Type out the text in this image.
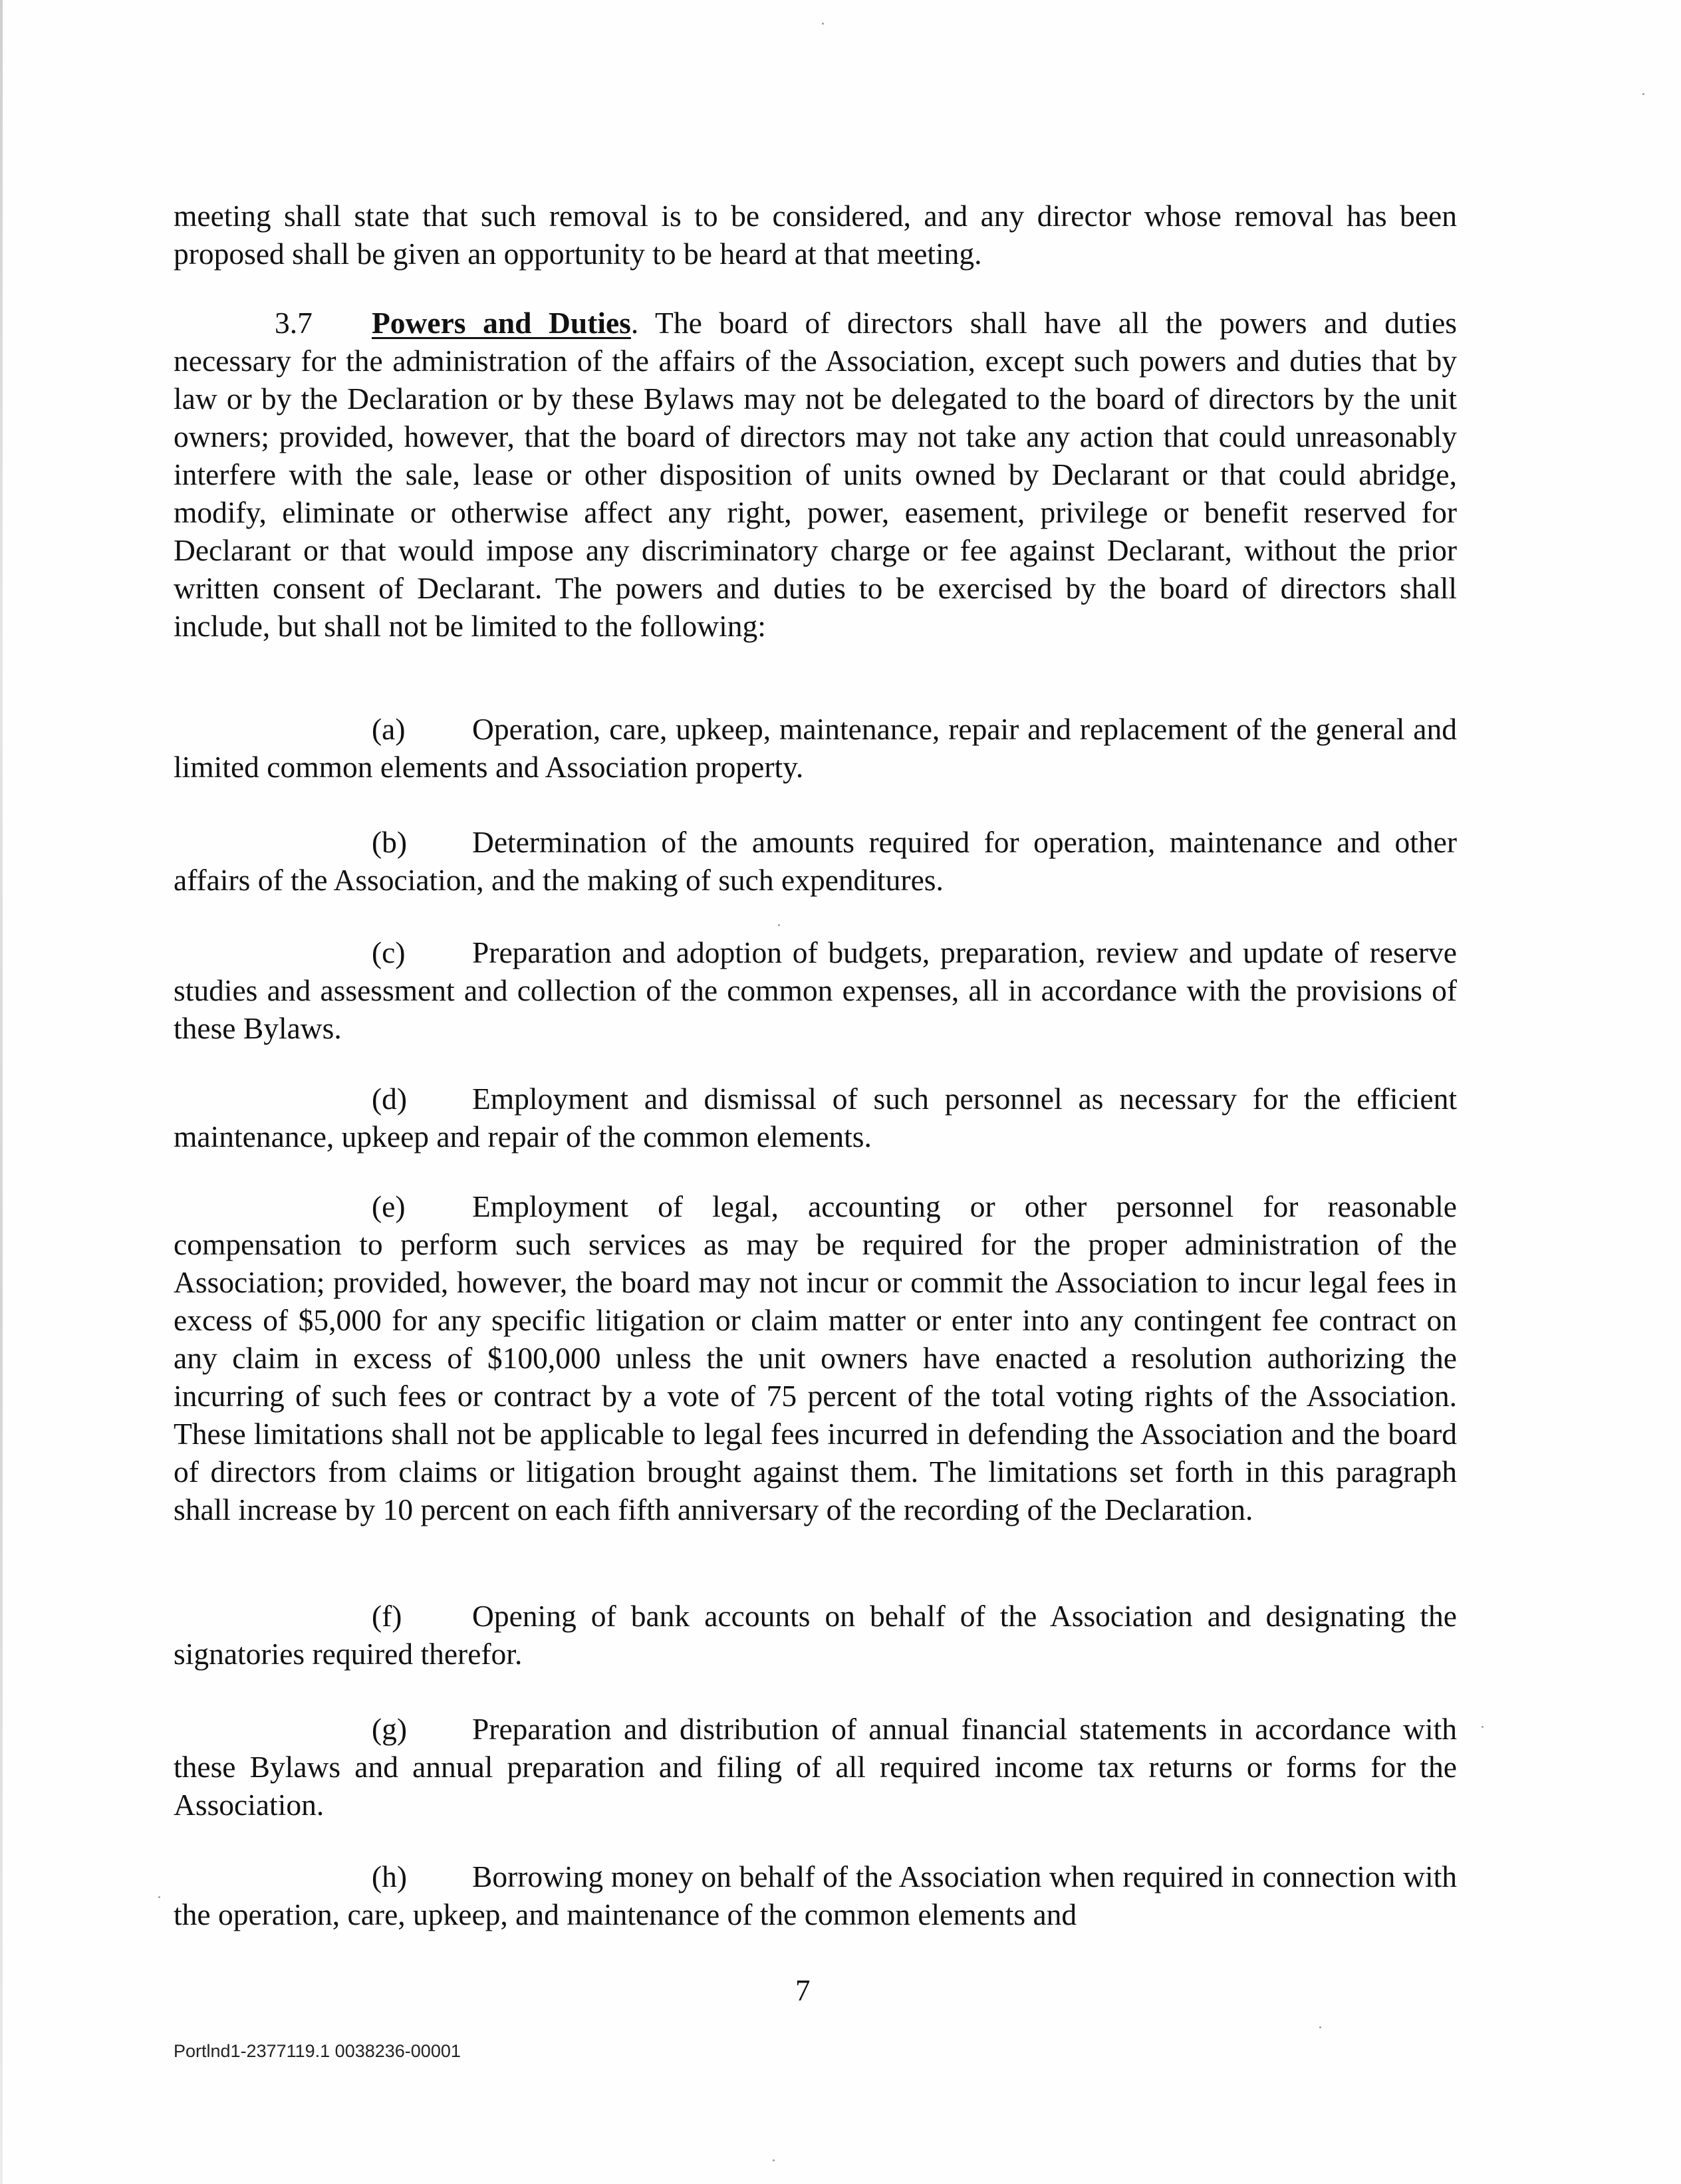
meeting shall state that such removal is to be considered, and any director whose removal has been proposed shall be given an opportunity to be heard at that meeting.

3.7 Powers and Duties. The board of directors shall have all the powers and duties necessary for the administration of the affairs of the Association, except such powers and duties that by law or by the Declaration or by these Bylaws may not be delegated to the board of directors by the unit owners; provided, however, that the board of directors may not take any action that could unreasonably interfere with the sale, lease or other disposition of units owned by Declarant or that could abridge, modify, eliminate or otherwise affect any right, power, easement, privilege or benefit reserved for Declarant or that would impose any discriminatory charge or fee against Declarant, without the prior written consent of Declarant. The powers and duties to be exercised by the board of directors shall include, but shall not be limited to the following:

(a) Operation, care, upkeep, maintenance, repair and replacement of the general and limited common elements and Association property.

(b) Determination of the amounts required for operation, maintenance and other affairs of the Association, and the making of such expenditures.

(c) Preparation and adoption of budgets, preparation, review and update of reserve studies and assessment and collection of the common expenses, all in accordance with the provisions of these Bylaws.

(d) Employment and dismissal of such personnel as necessary for the efficient maintenance, upkeep and repair of the common elements.

(e) Employment of legal, accounting or other personnel for reasonable compensation to perform such services as may be required for the proper administration of the Association; provided, however, the board may not incur or commit the Association to incur legal fees in excess of $5,000 for any specific litigation or claim matter or enter into any contingent fee contract on any claim in excess of $100,000 unless the unit owners have enacted a resolution authorizing the incurring of such fees or contract by a vote of 75 percent of the total voting rights of the Association. These limitations shall not be applicable to legal fees incurred in defending the Association and the board of directors from claims or litigation brought against them. The limitations set forth in this paragraph shall increase by 10 percent on each fifth anniversary of the recording of the Declaration.

(f) Opening of bank accounts on behalf of the Association and designating the signatories required therefor.

(g) Preparation and distribution of annual financial statements in accordance with these Bylaws and annual preparation and filing of all required income tax returns or forms for the Association.

(h) Borrowing money on behalf of the Association when required in connection with the operation, care, upkeep, and maintenance of the common elements and

7

Portlnd1-2377119.1 0038236-00001
